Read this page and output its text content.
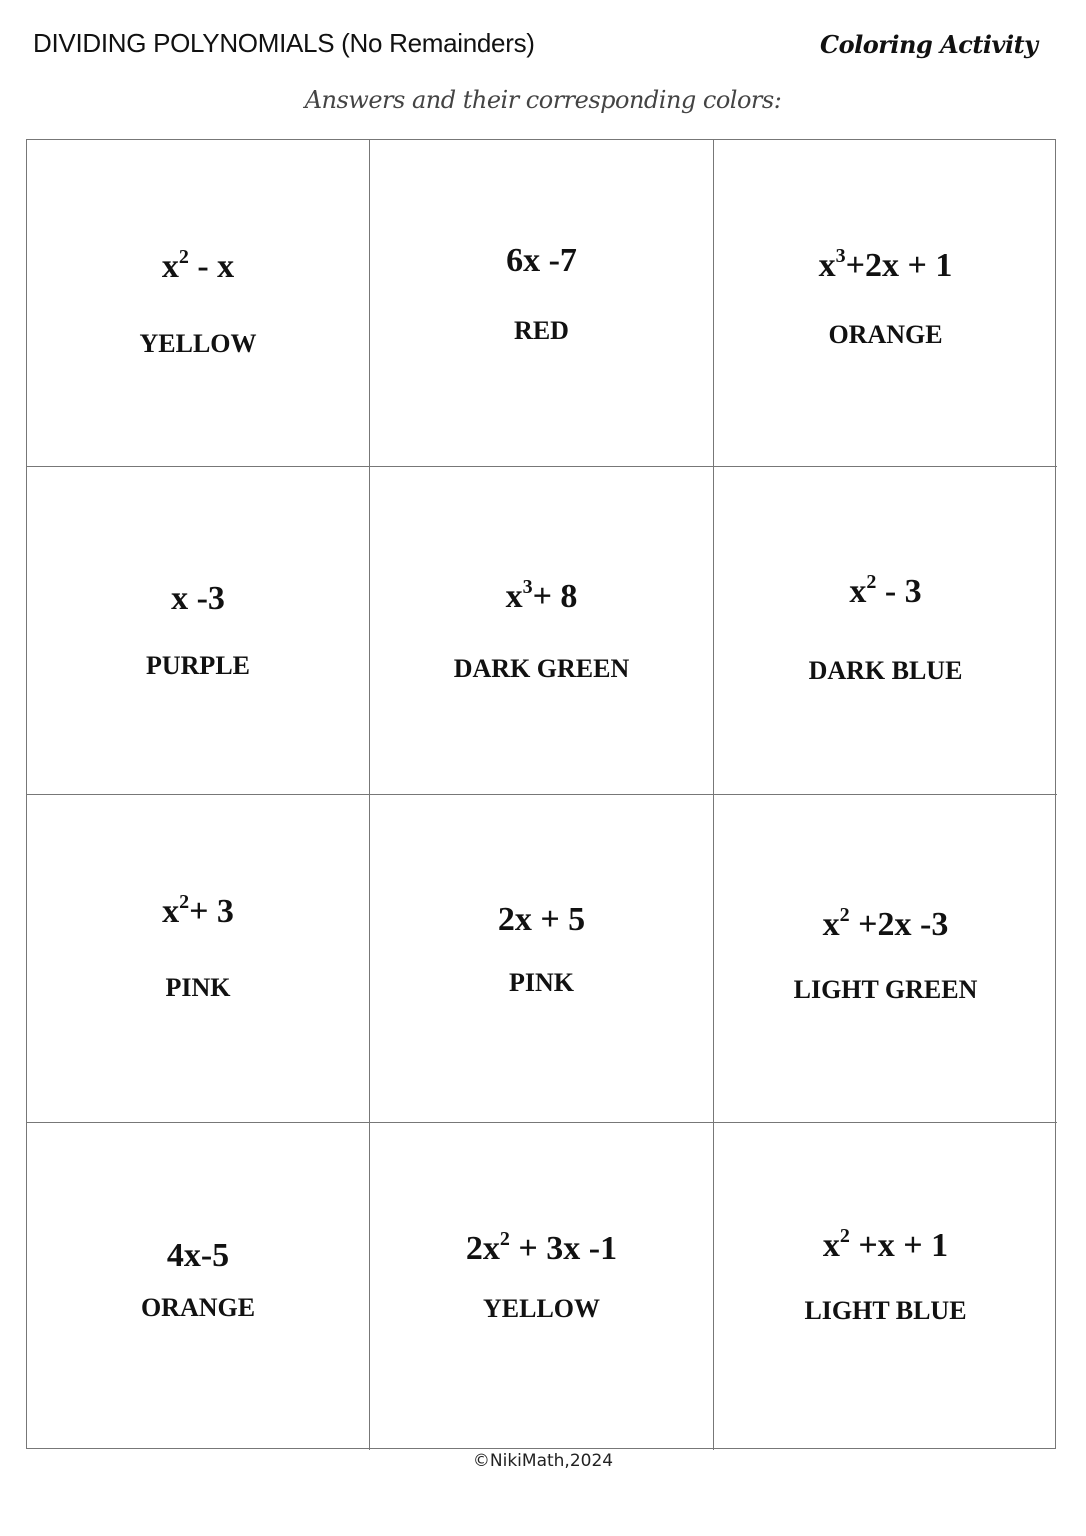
DIVIDING POLYNOMIALS (No Remainders)	Coloring Activity
Answers and their corresponding colors:
$x^2$ - x
YELLOW
6x -7
RED
$x^3+2x + 1$
ORANGE
x -3
PURPLE
$x^3+ 8$
DARK GREEN
$x^2 - 3$
DARK BLUE
$x^2+ 3$
PINK
2x + 5
PINK
$x^2 +2x$ -3
LIGHT GREEN
4x-5
ORANGE
$2x^2 + 3x$ -1
YELLOW
$x^2 +x + 1$
LIGHT BLUE
©NikiMath,2024
